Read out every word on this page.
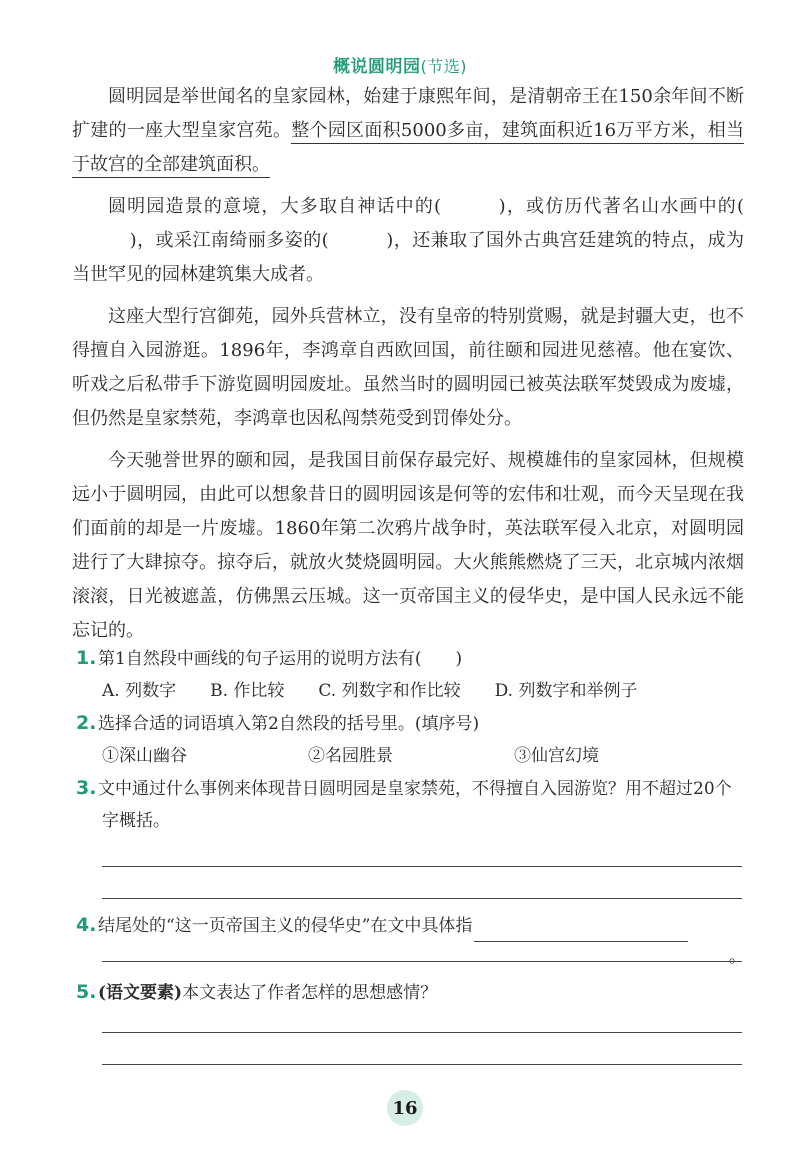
概说圆明园(节选)

圆明园是举世闻名的皇家园林，始建于康熙年间，是清朝帝王在150余年间不断扩建的一座大型皇家宫苑。整个园区面积5000多亩，建筑面积近16万平方米，相当于故宫的全部建筑面积。

圆明园造景的意境，大多取自神话中的(	)，或仿历代著名山水画中的()，或采江南绮丽多姿的(	)，还兼取了国外古典宫廷建筑的特点，成为当世罕见的园林建筑集大成者。

这座大型行宫御苑，园外兵营林立，没有皇帝的特别赏赐，就是封疆大吏，也不得擅自入园游逛。1896年，李鸿章自西欧回国，前往颐和园进见慈禧。他在宴饮、听戏之后私带手下游览圆明园废址。虽然当时的圆明园已被英法联军焚毁成为废墟，但仍然是皇家禁苑，李鸿章也因私闯禁苑受到罚俸处分。

今天驰誉世界的颐和园，是我国目前保存最完好、规模雄伟的皇家园林，但规模远小于圆明园，由此可以想象昔日的圆明园该是何等的宏伟和壮观，而今天呈现在我们面前的却是一片废墟。1860年第二次鸦片战争时，英法联军侵入北京，对圆明园进行了大肆掠夺。掠夺后，就放火焚烧圆明园。大火熊熊燃烧了三天，北京城内浓烟滚滚，日光被遮盖，仿佛黑云压城。这一页帝国主义的侵华史，是中国人民永远不能忘记的。

1.第1自然段中画线的句子运用的说明方法有(　　)
A. 列数字 B. 作比较 C. 列数字和作比较 D. 列数字和举例子
2.选择合适的词语填入第2自然段的括号里。(填序号)
①深山幽谷	②名园胜景	③仙宫幻境
3.文中通过什么事例来体现昔日圆明园是皇家禁苑，不得擅自入园游览？用不超过20个字概括。
4.结尾处的“这一页帝国主义的侵华史”在文中具体指
。
5.(语文要素)本文表达了作者怎样的思想感情？
16
